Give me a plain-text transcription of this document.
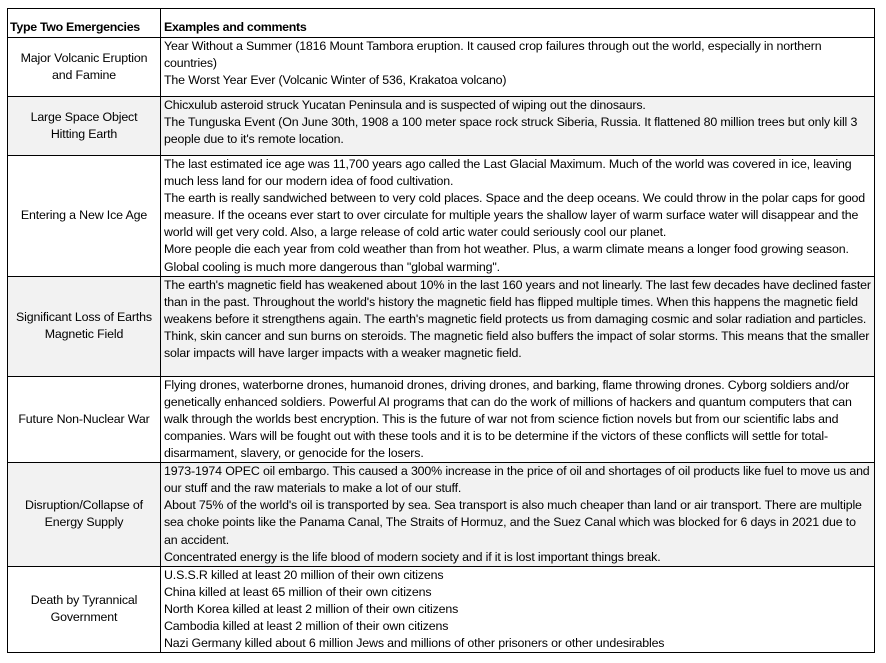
Type Two Emergencies	Examples and comments
Major Volcanic Eruption and Famine	Year Without a Summer (1816 Mount Tambora eruption. It caused crop failures through out the world, especially in northern countries)
The Worst Year Ever (Volcanic Winter of 536, Krakatoa volcano)

Large Space Object Hitting Earth	Chicxulub asteroid struck Yucatan Peninsula and is suspected of wiping out the dinosaurs.
The Tunguska Event (On June 30th, 1908 a 100 meter space rock struck Siberia, Russia. It flattened 80 million trees but only kill 3 people due to it's remote location.

Entering a New Ice Age	The last estimated ice age was 11,700 years ago called the Last Glacial Maximum. Much of the world was covered in ice, leaving much less land for our modern idea of food cultivation.
The earth is really sandwiched between to very cold places. Space and the deep oceans. We could throw in the polar caps for good measure. If the oceans ever start to over circulate for multiple years the shallow layer of warm surface water will disappear and the world will get very cold. Also, a large release of cold artic water could seriously cool our planet.
More people die each year from cold weather than from hot weather. Plus, a warm climate means a longer food growing season. Global cooling is much more dangerous than "global warming".

Significant Loss of Earths Magnetic Field	The earth's magnetic field has weakened about 10% in the last 160 years and not linearly. The last few decades have declined faster than in the past. Throughout the world's history the magnetic field has flipped multiple times. When this happens the magnetic field weakens before it strengthens again. The earth's magnetic field protects us from damaging cosmic and solar radiation and particles. Think, skin cancer and sun burns on steroids. The magnetic field also buffers the impact of solar storms. This means that the smaller solar impacts will have larger impacts with a weaker magnetic field.

Future Non-Nuclear War	Flying drones, waterborne drones, humanoid drones, driving drones, and barking, flame throwing drones. Cyborg soldiers and/or genetically enhanced soldiers. Powerful AI programs that can do the work of millions of hackers and quantum computers that can walk through the worlds best encryption. This is the future of war not from science fiction novels but from our scientific labs and companies. Wars will be fought out with these tools and it is to be determine if the victors of these conflicts will settle for total-disarmament, slavery, or genocide for the losers.

Disruption/Collapse of Energy Supply	1973-1974 OPEC oil embargo. This caused a 300% increase in the price of oil and shortages of oil products like fuel to move us and our stuff and the raw materials to make a lot of our stuff.
About 75% of the world's oil is transported by sea. Sea transport is also much cheaper than land or air transport. There are multiple sea choke points like the Panama Canal, The Straits of Hormuz, and the Suez Canal which was blocked for 6 days in 2021 due to an accident.
Concentrated energy is the life blood of modern society and if it is lost important things break.

Death by Tyrannical Government	U.S.S.R killed at least 20 million of their own citizens
China killed at least 65 million of their own citizens
North Korea killed at least 2 million of their own citizens
Cambodia killed at least 2 million of their own citizens
Nazi Germany killed about 6 million Jews and millions of other prisoners or other undesirables
